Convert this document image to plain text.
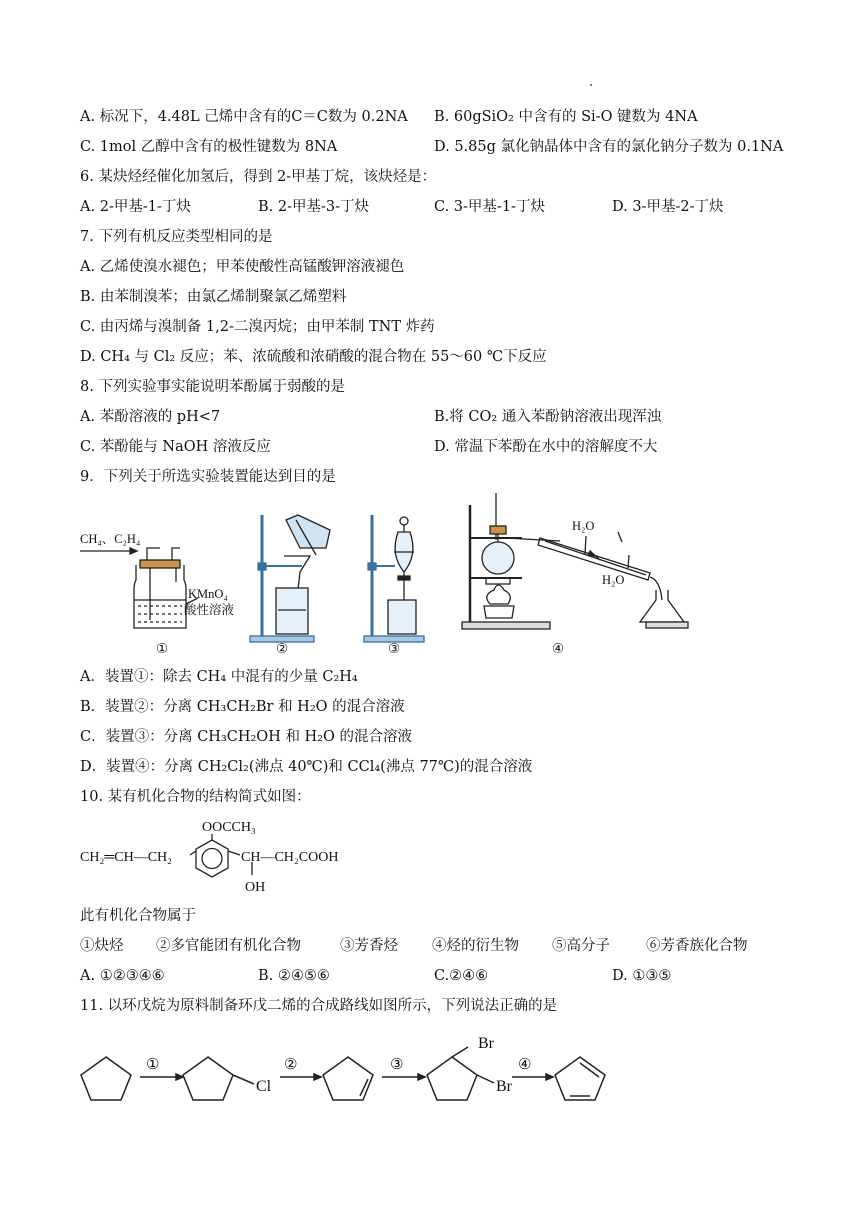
A. 标况下，4.48L 己烯中含有的C＝C数为 0.2NA B. 60gSiO₂ 中含有的 Si-O 键数为 4NA
C. 1mol 乙醇中含有的极性键数为 8NA	D. 5.85g 氯化钠晶体中含有的氯化钠分子数为 0.1NA
6. 某炔烃经催化加氢后，得到 2-甲基丁烷，该炔烃是：
A. 2-甲基-1-丁炔	B. 2-甲基-3-丁炔	C. 3-甲基-1-丁炔	D. 3-甲基-2-丁炔
7. 下列有机反应类型相同的是
A. 乙烯使溴水褪色；甲苯使酸性高锰酸钾溶液褪色
B. 由苯制溴苯；由氯乙烯制聚氯乙烯塑料
C. 由丙烯与溴制备 1,2-二溴丙烷；由甲苯制 TNT 炸药
D. CH₄ 与 Cl₂ 反应；苯、浓硫酸和浓硝酸的混合物在 55～60 ℃下反应
8. 下列实验事实能说明苯酚属于弱酸的是
A. 苯酚溶液的 pH<7	B.将 CO₂ 通入苯酚钠溶液出现浑浊
C. 苯酚能与 NaOH 溶液反应	D. 常温下苯酚在水中的溶解度不大
9．下列关于所选实验装置能达到目的是
CH₄、C₂H₄
KMnO₄
酸性溶液
H₂O
H₂O
①	②	③	④
A．装置①：除去 CH₄ 中混有的少量 C₂H₄
B．装置②：分离 CH₃CH₂Br 和 H₂O 的混合溶液
C．装置③：分离 CH₃CH₂OH 和 H₂O 的混合溶液
D．装置④：分离 CH₂Cl₂(沸点 40℃)和 CCl₄(沸点 77℃)的混合溶液
10. 某有机化合物的结构简式如图：
OOCCH₃
CH₂═CH—CH₂	CH—CH₂COOH
OH
此有机化合物属于
①炔烃 ②多官能团有机化合物	③芳香烃 ④烃的衍生物 ⑤高分子 ⑥芳香族化合物
A. ①②③④⑥	B. ②④⑤⑥	C.②④⑥	D. ①③⑤
11. 以环戊烷为原料制备环戊二烯的合成路线如图所示，下列说法正确的是
①
Cl
②	③
Br
Br
④
